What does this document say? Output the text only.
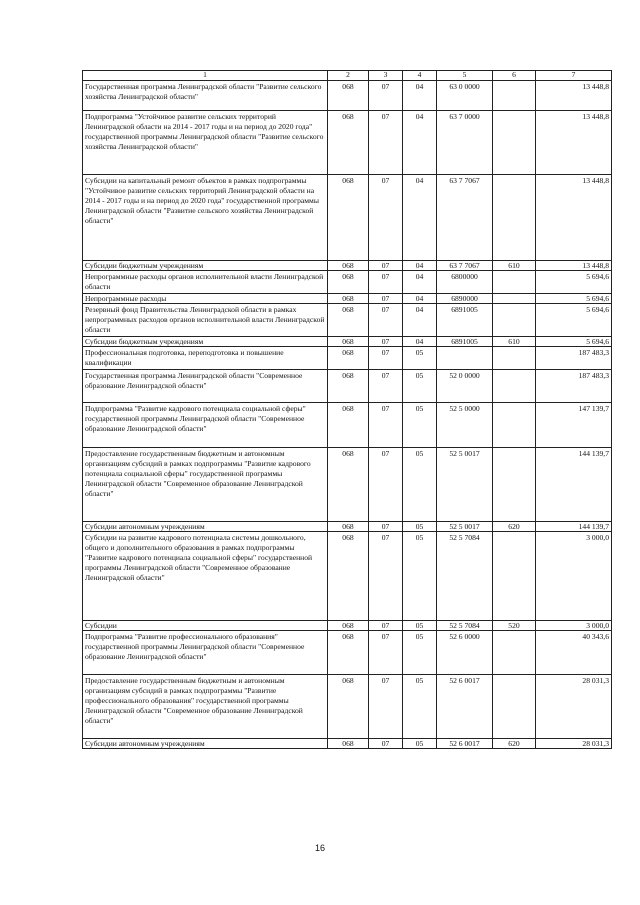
1	2	3	4	5	6	7
Государственная программа Ленинградской области "Развитие сельского хозяйства Ленинградской области"	068	07	04	63 0 0000		13 448,8
Подпрограмма "Устойчивое развитие сельских территорий Ленинградской области на 2014 - 2017 годы и на период до 2020 года" государственной программы Ленинградской области "Развитие сельского хозяйства Ленинградской области"	068	07	04	63 7 0000		13 448,8
Субсидии на капитальный ремонт объектов в рамках подпрограммы "Устойчивое развитие сельских территорий Ленинградской области на 2014 - 2017 годы и на период до 2020 года" государственной программы Ленинградской области "Развитие сельского хозяйства Ленинградской области"	068	07	04	63 7 7067		13 448,8
Субсидии бюджетным учреждениям	068	07	04	63 7 7067	610	13 448,8
Непрограммные расходы органов исполнительной власти Ленинградской области	068	07	04	6800000		5 694,6
Непрограммные расходы	068	07	04	6890000		5 694,6
Резервный фонд Правительства Ленинградской области в рамках непрограммных расходов органов исполнительной власти Ленинградской области	068	07	04	6891005		5 694,6
Субсидии бюджетным учреждениям	068	07	04	6891005	610	5 694,6
Профессиональная подготовка, переподготовка и повышение квалификации	068	07	05			187 483,3
Государственная программа Ленинградской области "Современное образование Ленинградской области"	068	07	05	52 0 0000		187 483,3
Подпрограмма "Развитие кадрового потенциала социальной сферы" государственной программы Ленинградской области "Современное образование Ленинградской области"	068	07	05	52 5 0000		147 139,7
Предоставление государственным бюджетным и автономным организациям субсидий в рамках подпрограммы "Развитие кадрового потенциала социальной сферы" государственной программы Ленинградской области "Современное образование Ленинградской области"	068	07	05	52 5 0017		144 139,7
Субсидии автономным учреждениям	068	07	05	52 5 0017	620	144 139,7
Субсидии на развитие кадрового потенциала системы дошкольного, общего и дополнительного образования в рамках подпрограммы "Развитие кадрового потенциала социальной сферы" государственной программы Ленинградской области "Современное образование Ленинградской области"	068	07	05	52 5 7084		3 000,0
Субсидии	068	07	05	52 5 7084	520	3 000,0
Подпрограмма "Развитие профессионального образования" государственной программы Ленинградской области "Современное образование Ленинградской области"	068	07	05	52 6 0000		40 343,6
Предоставление государственным бюджетным и автономным организациям субсидий в рамках подпрограммы "Развитие профессионального образования" государственной программы Ленинградской области "Современное образование Ленинградской области"	068	07	05	52 6 0017		28 031,3
Субсидии автономным учреждениям	068	07	05	52 6 0017	620	28 031,3
16
